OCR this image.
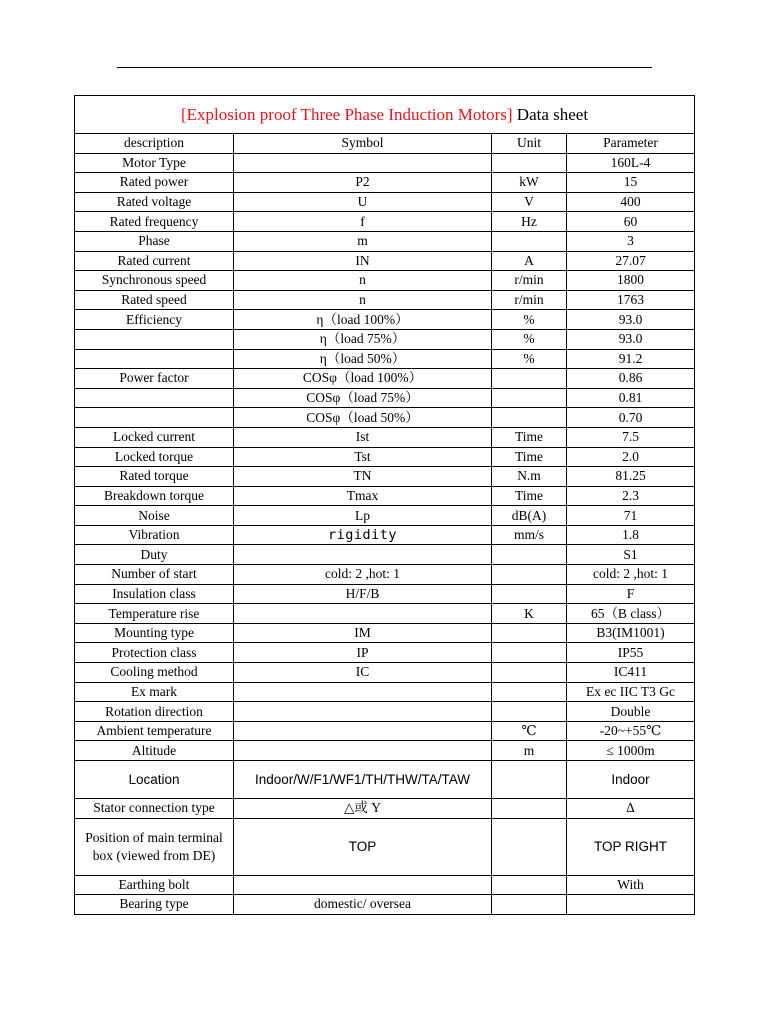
[Explosion proof Three Phase Induction Motors] Data sheet			
description	Symbol	Unit	Parameter
Motor Type			160L-4
Rated power	P2	kW	15
Rated voltage	U	V	400
Rated frequency	f	Hz	60
Phase	m		3
Rated current	IN	A	27.07
Synchronous speed	n	r/min	1800
Rated speed	n	r/min	1763
Efficiency	η（load 100%）	%	93.0
	η（load 75%）	%	93.0
	η（load 50%）	%	91.2
Power factor	COSφ（load 100%）		0.86
	COSφ（load 75%）		0.81
	COSφ（load 50%）		0.70
Locked current	Ist	Time	7.5
Locked torque	Tst	Time	2.0
Rated torque	TN	N.m	81.25
Breakdown torque	Tmax	Time	2.3
Noise	Lp	dB(A)	71
Vibration	rigidity	mm/s	1.8
Duty			S1
Number of start	cold: 2 ,hot: 1		cold: 2 ,hot: 1
Insulation class	H/F/B		F
Temperature rise		K	65（B class）
Mounting type	IM		B3(IM1001)
Protection class	IP		IP55
Cooling method	IC		IC411
Ex mark			Ex ec IIC T3 Gc
Rotation direction			Double
Ambient temperature		℃	-20~+55℃
Altitude		m	≤ 1000m
Location	Indoor/W/F1/WF1/TH/THW/TA/TAW		Indoor
Stator connection type	△或 Y		Δ
Position of main terminal box (viewed from DE)	TOP		TOP RIGHT
Earthing bolt			With
Bearing type	domestic/ oversea		
